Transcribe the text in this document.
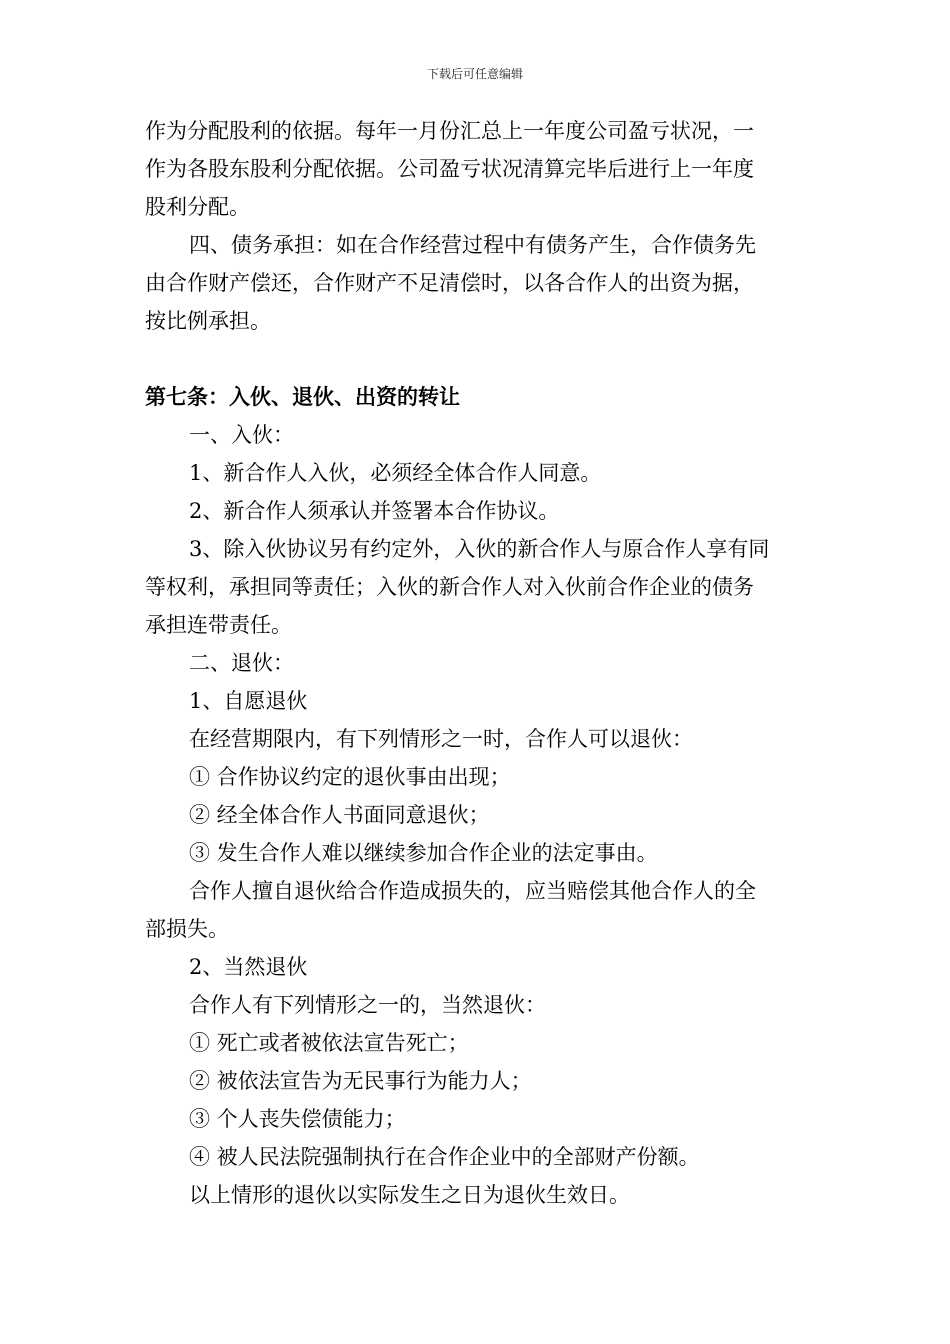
下载后可任意编辑
作为分配股利的依据。每年一月份汇总上一年度公司盈亏状况，一
作为各股东股利分配依据。公司盈亏状况清算完毕后进行上一年度
股利分配。
四、债务承担：如在合作经营过程中有债务产生，合作债务先
由合作财产偿还，合作财产不足清偿时，以各合作人的出资为据，
按比例承担。
第七条：入伙、退伙、出资的转让
一、入伙：
1、新合作人入伙，必须经全体合作人同意。
2、新合作人须承认并签署本合作协议。
3、除入伙协议另有约定外，入伙的新合作人与原合作人享有同
等权利，承担同等责任；入伙的新合作人对入伙前合作企业的债务
承担连带责任。
二、退伙：
1、自愿退伙
在经营期限内，有下列情形之一时，合作人可以退伙：
① 合作协议约定的退伙事由出现；
② 经全体合作人书面同意退伙；
③ 发生合作人难以继续参加合作企业的法定事由。
合作人擅自退伙给合作造成损失的，应当赔偿其他合作人的全
部损失。
2、当然退伙
合作人有下列情形之一的，当然退伙：
① 死亡或者被依法宣告死亡；
② 被依法宣告为无民事行为能力人；
③ 个人丧失偿债能力；
④ 被人民法院强制执行在合作企业中的全部财产份额。
以上情形的退伙以实际发生之日为退伙生效日。
